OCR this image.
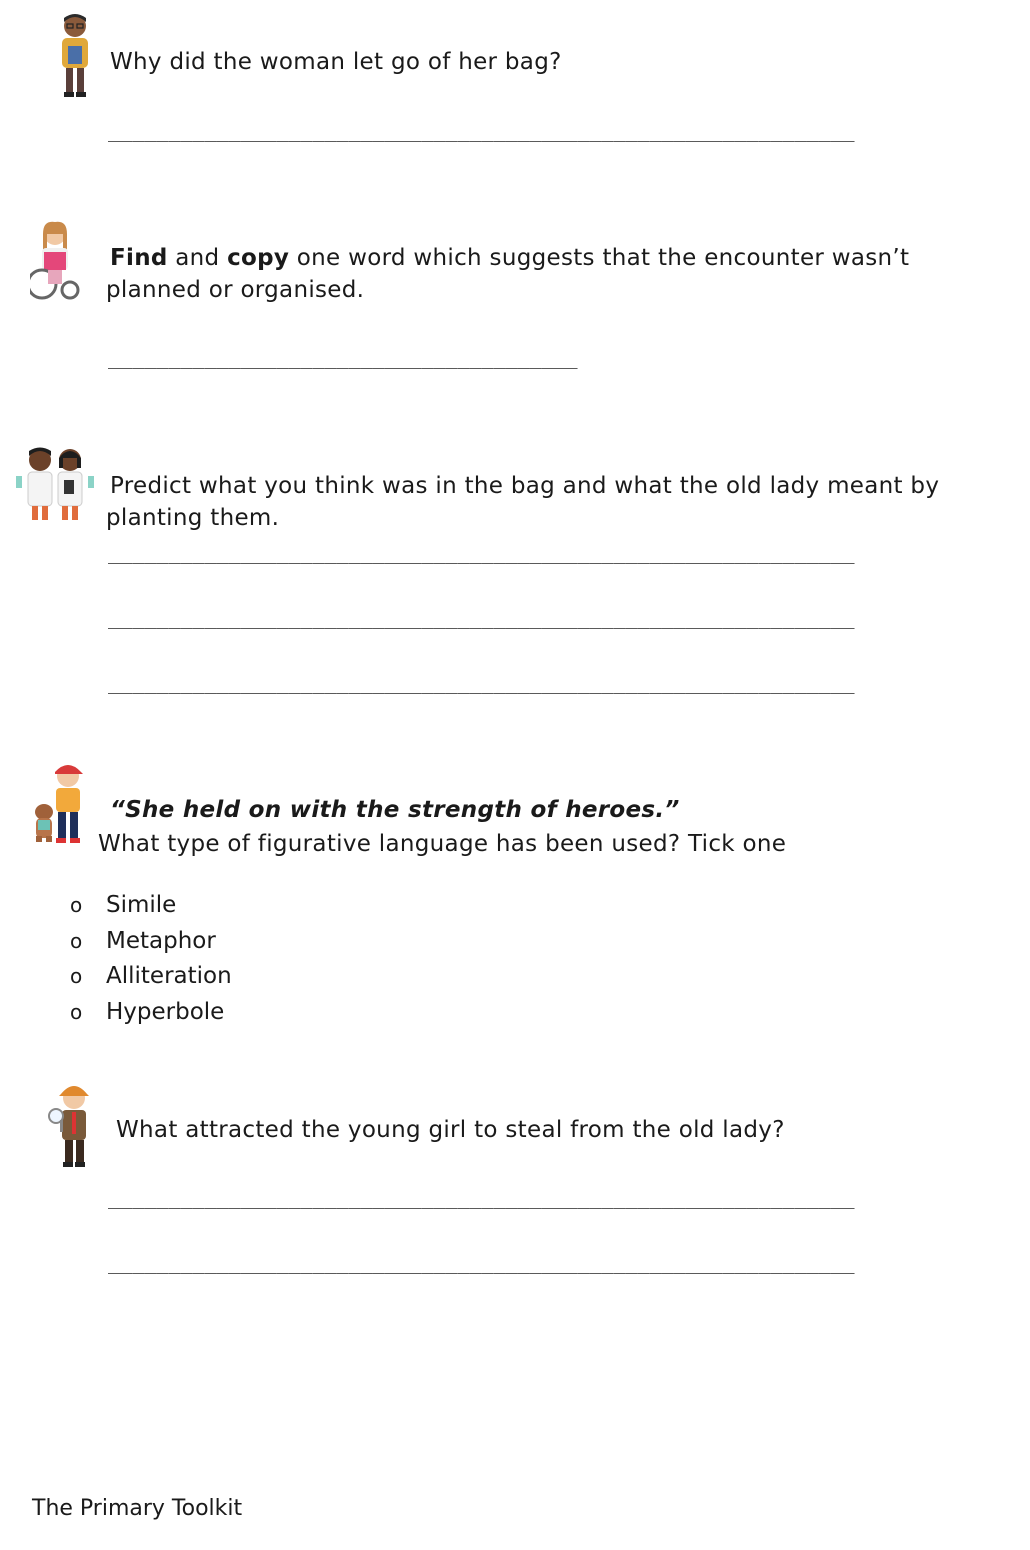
Why did the woman let go of her bag?
______________________________________________________________
Find and copy one word which suggests that the encounter wasn’t
planned or organised.
_______________________________________
Predict what you think was in the bag and what the old lady meant by
planting them.
______________________________________________________________
______________________________________________________________
______________________________________________________________
“She held on with the strength of heroes.”
What type of figurative language has been used? Tick one
o Simile
o Metaphor
o Alliteration
o Hyperbole
What attracted the young girl to steal from the old lady?
______________________________________________________________
______________________________________________________________
The Primary Toolkit
